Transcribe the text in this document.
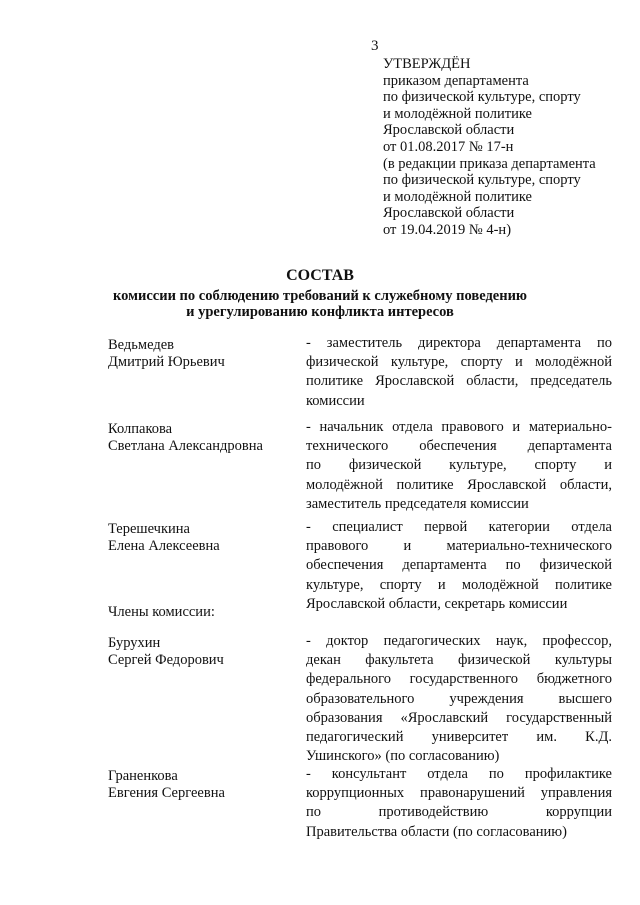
3
УТВЕРЖДЁН
приказом департамента
по физической культуре, спорту
и молодёжной политике
Ярославской области
от 01.08.2017 № 17-н
(в редакции приказа департамента
по физической культуре, спорту
и молодёжной политике
Ярославской области
от 19.04.2019 № 4-н)
СОСТАВ
комиссии по соблюдению требований к служебному поведению
и урегулированию конфликта интересов
Ведьмедев
Дмитрий Юрьевич
- заместитель директора департамента по
физической культуре, спорту и молодёжной
политике Ярославской области, председатель
комиссии
Колпакова
Светлана Александровна
- начальник отдела правового и материально-
технического обеспечения департамента
по физической культуре, спорту и
молодёжной политике Ярославской области,
заместитель председателя комиссии
Терешечкина
Елена Алексеевна
- специалист первой категории отдела
правового и материально-технического
обеспечения департамента по физической
культуре, спорту и молодёжной политике
Ярославской области, секретарь комиссии
Члены комиссии:
Бурухин
Сергей Федорович
- доктор педагогических наук, профессор,
декан факультета физической культуры
федерального государственного бюджетного
образовательного учреждения высшего
образования «Ярославский государственный
педагогический университет им. К.Д.
Ушинского» (по согласованию)
Граненкова
Евгения Сергеевна
- консультант отдела по профилактике
коррупционных правонарушений управления
по противодействию коррупции
Правительства области (по согласованию)
